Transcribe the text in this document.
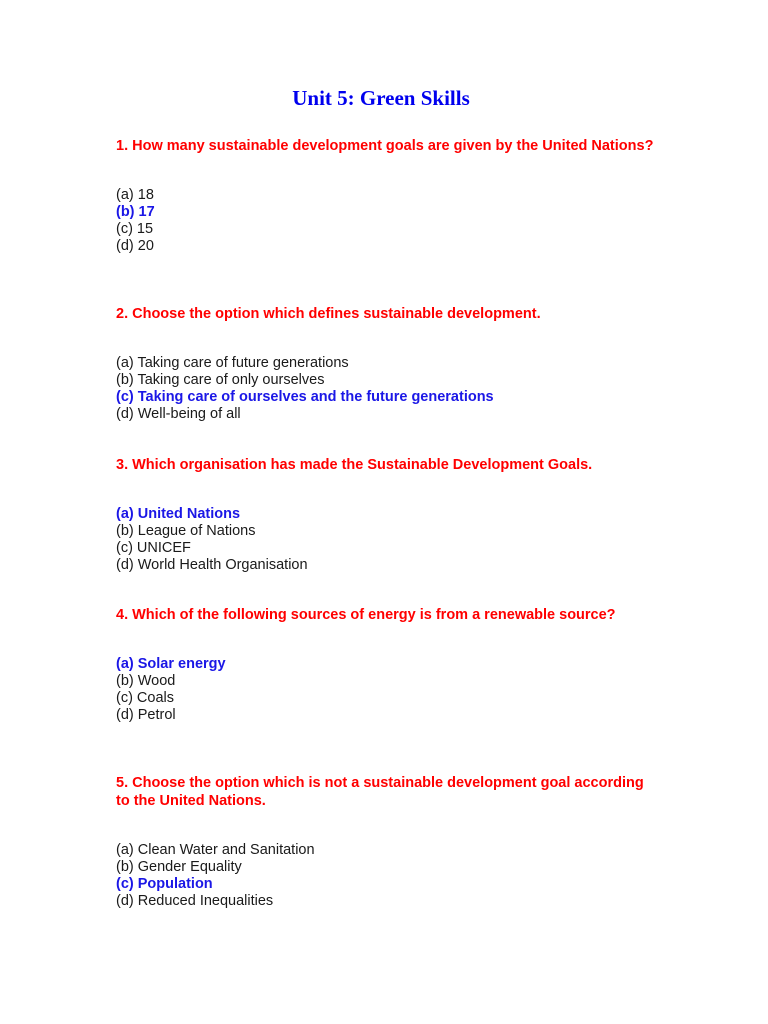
Unit 5: Green Skills

1. How many sustainable development goals are given by the United Nations?

(a) 18
(b) 17
(c) 15
(d) 20

2. Choose the option which defines sustainable development.

(a) Taking care of future generations
(b) Taking care of only ourselves
(c) Taking care of ourselves and the future generations
(d) Well-being of all

3. Which organisation has made the Sustainable Development Goals.

(a) United Nations
(b) League of Nations
(c) UNICEF
(d) World Health Organisation

4. Which of the following sources of energy is from a renewable source?

(a) Solar energy
(b) Wood
(c) Coals
(d) Petrol

5. Choose the option which is not a sustainable development goal according to the United Nations.

(a) Clean Water and Sanitation
(b) Gender Equality
(c) Population
(d) Reduced Inequalities
